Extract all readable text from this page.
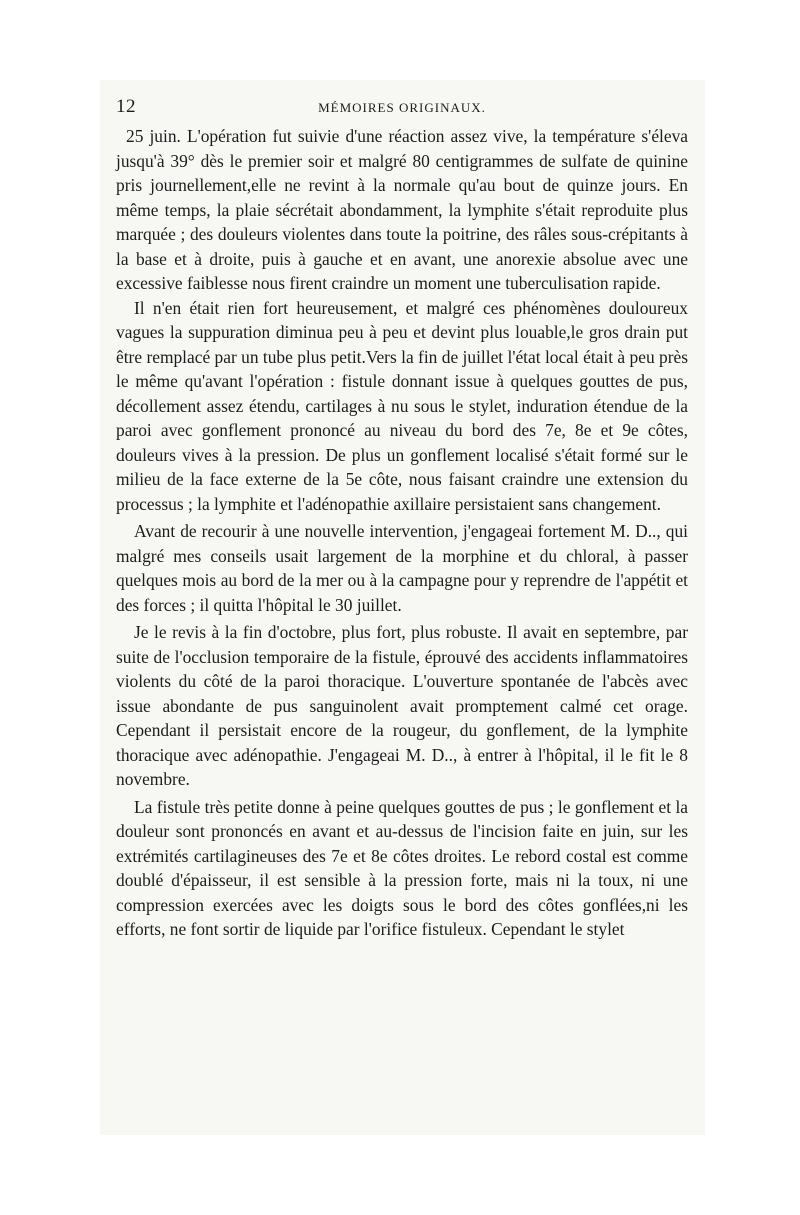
12	MÉMOIRES ORIGINAUX.

25 juin. L'opération fut suivie d'une réaction assez vive, la température s'éleva jusqu'à 39° dès le premier soir et malgré 80 centigrammes de sulfate de quinine pris journellement,elle ne revint à la normale qu'au bout de quinze jours. En même temps, la plaie sécrétait abondamment, la lymphite s'était reproduite plus marquée ; des douleurs violentes dans toute la poitrine, des râles sous-crépitants à la base et à droite, puis à gauche et en avant, une anorexie absolue avec une excessive faiblesse nous firent craindre un moment une tuberculisation rapide.

Il n'en était rien fort heureusement, et malgré ces phénomènes douloureux vagues la suppuration diminua peu à peu et devint plus louable,le gros drain put être remplacé par un tube plus petit.Vers la fin de juillet l'état local était à peu près le même qu'avant l'opération : fistule donnant issue à quelques gouttes de pus, décollement assez étendu, cartilages à nu sous le stylet, induration étendue de la paroi avec gonflement prononcé au niveau du bord des 7e, 8e et 9e côtes, douleurs vives à la pression. De plus un gonflement localisé s'était formé sur le milieu de la face externe de la 5e côte, nous faisant craindre une extension du processus ; la lymphite et l'adénopathie axillaire persistaient sans changement.

Avant de recourir à une nouvelle intervention, j'engageai fortement M. D.., qui malgré mes conseils usait largement de la morphine et du chloral, à passer quelques mois au bord de la mer ou à la campagne pour y reprendre de l'appétit et des forces ; il quitta l'hôpital le 30 juillet.

Je le revis à la fin d'octobre, plus fort, plus robuste. Il avait en septembre, par suite de l'occlusion temporaire de la fistule, éprouvé des accidents inflammatoires violents du côté de la paroi thoracique. L'ouverture spontanée de l'abcès avec issue abondante de pus sanguinolent avait promptement calmé cet orage. Cependant il persistait encore de la rougeur, du gonflement, de la lymphite thoracique avec adénopathie. J'engageai M. D.., à entrer à l'hôpital, il le fit le 8 novembre.

La fistule très petite donne à peine quelques gouttes de pus ; le gonflement et la douleur sont prononcés en avant et au-dessus de l'incision faite en juin, sur les extrémités cartilagineuses des 7e et 8e côtes droites. Le rebord costal est comme doublé d'épaisseur, il est sensible à la pression forte, mais ni la toux, ni une compression exercées avec les doigts sous le bord des côtes gonflées,ni les efforts, ne font sortir de liquide par l'orifice fistuleux. Cependant le stylet
